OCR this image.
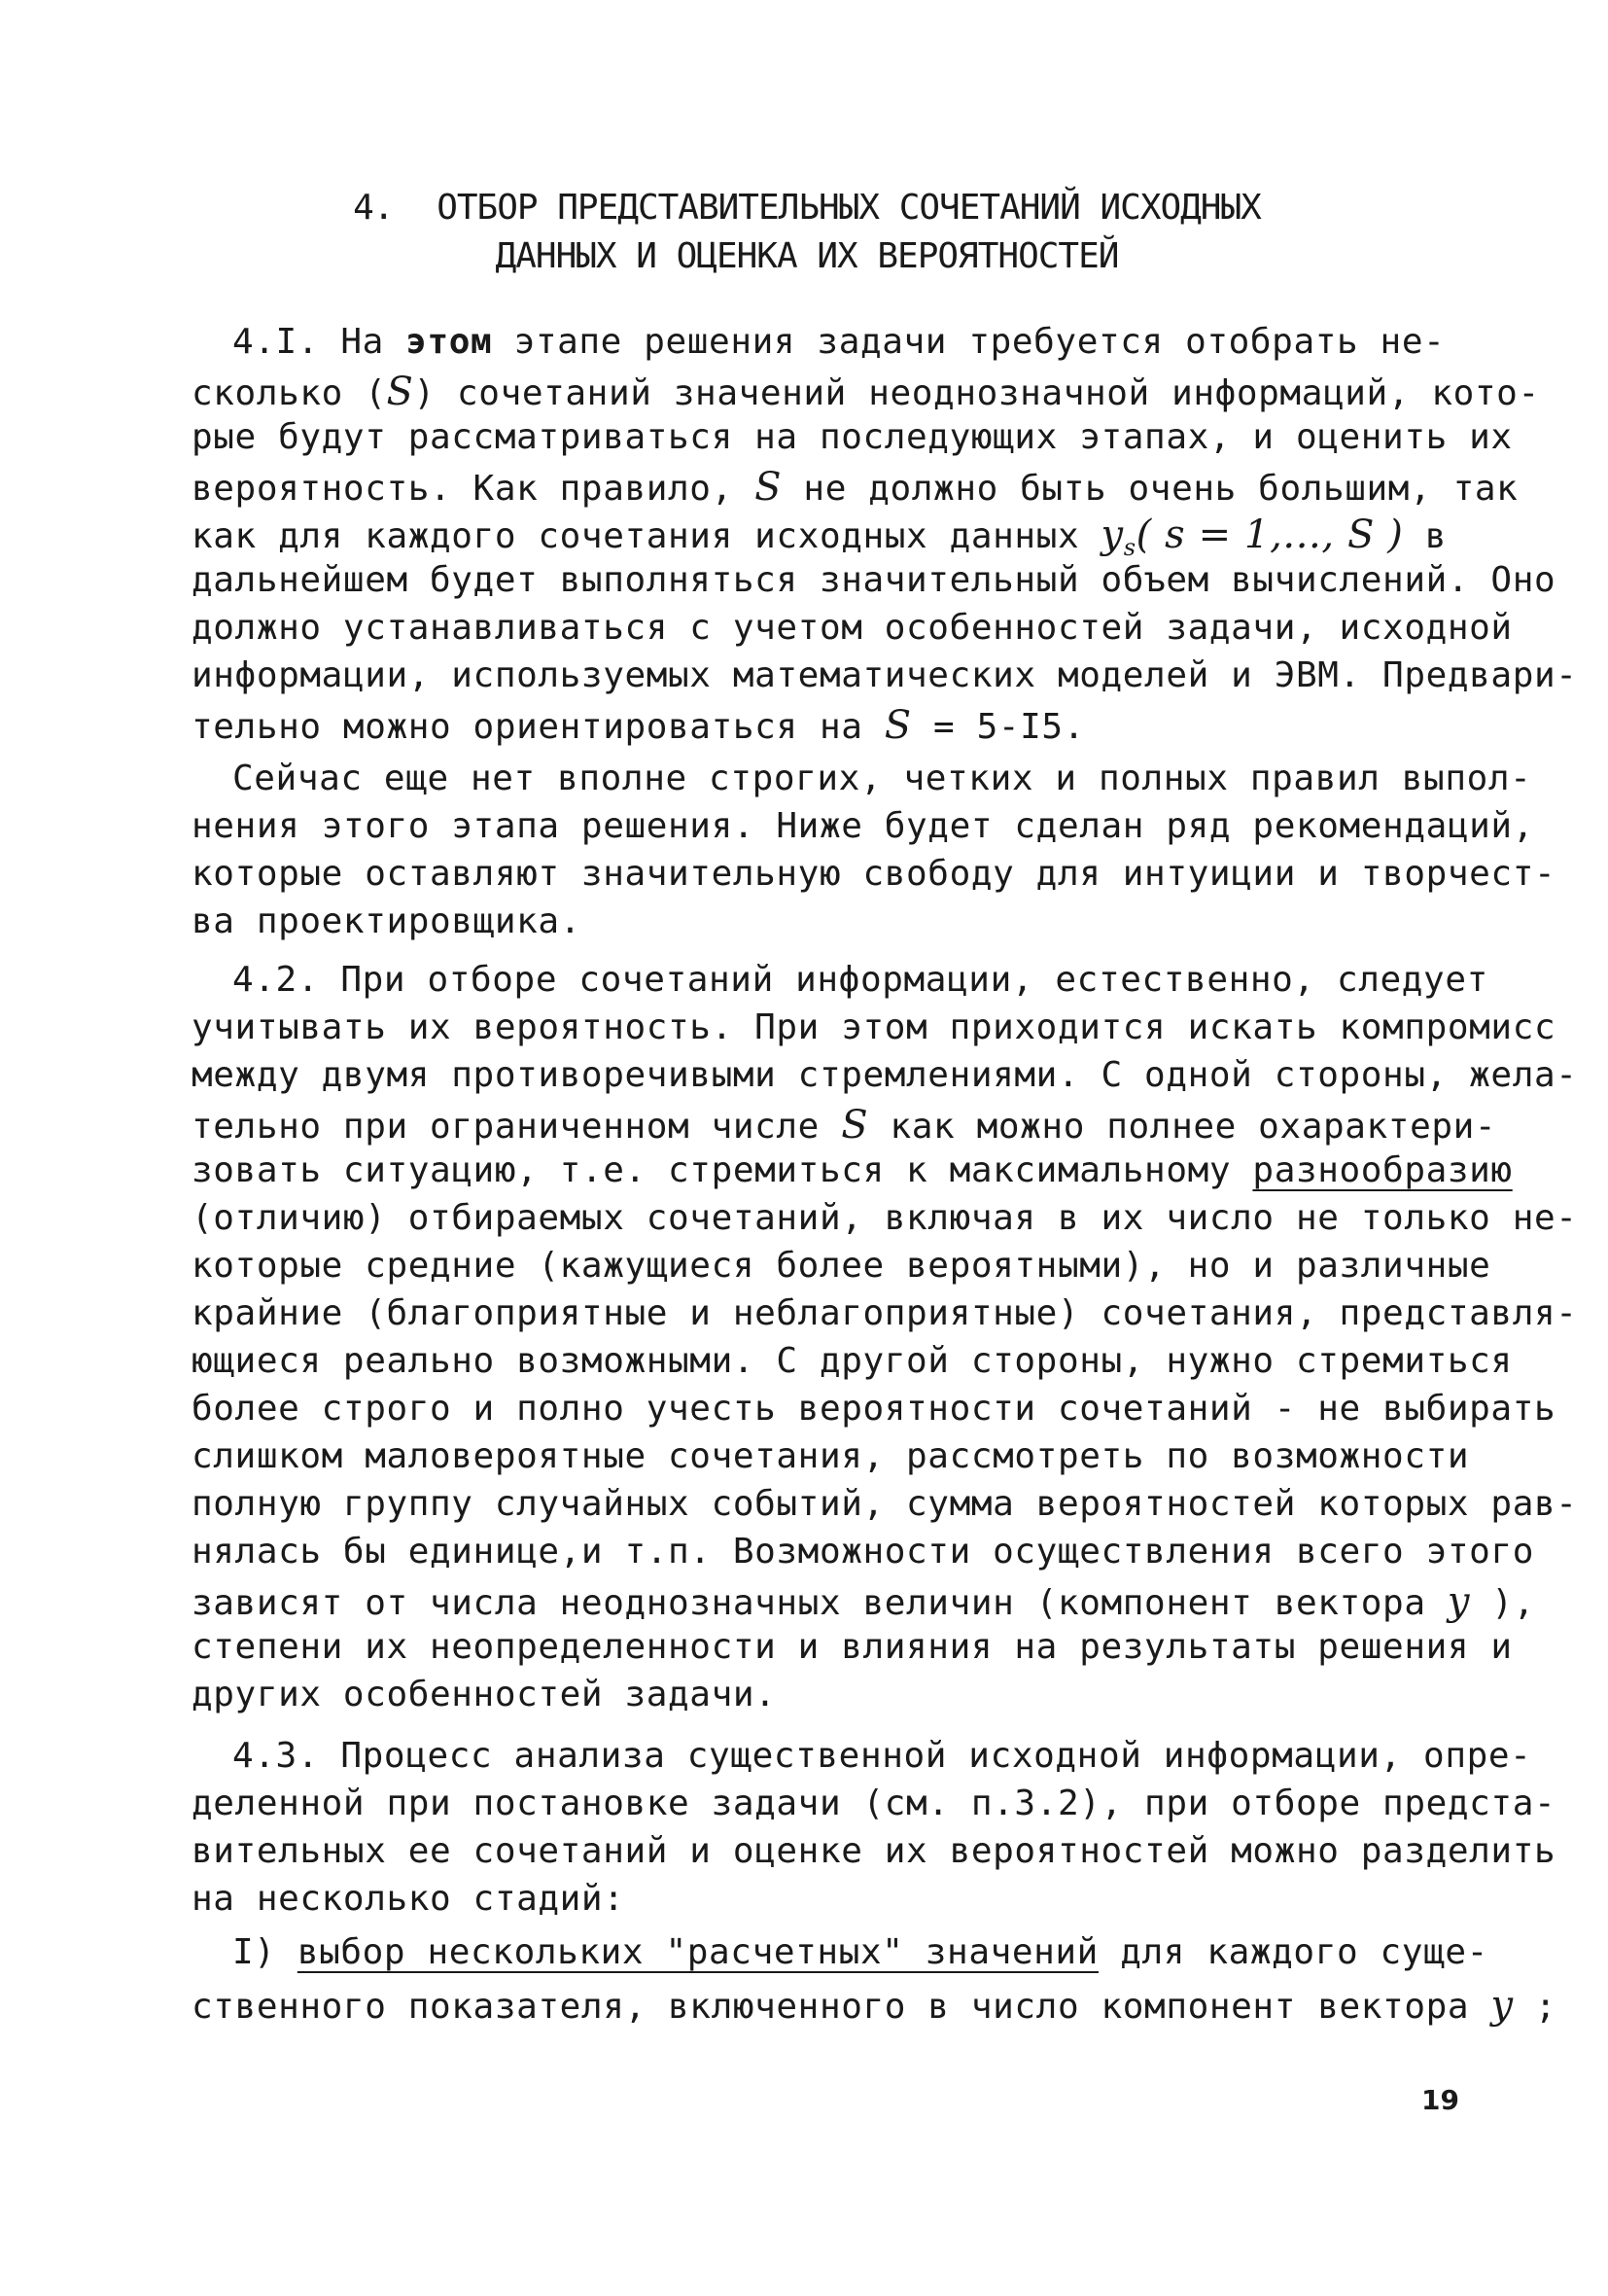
4. ОТБОР ПРЕДСТАВИТЕЛЬНЫХ СОЧЕТАНИЙ ИСХОДНЫХ
ДАННЫХ И ОЦЕНКА ИХ ВЕРОЯТНОСТЕЙ
4.I. На этом этапе решения задачи требуется отобрать не-
сколько (S) сочетаний значений неоднозначной информаций, кото-
рые будут рассматриваться на последующих этапах, и оценить их
вероятность. Как правило, S не должно быть очень большим, так
как для каждого сочетания исходных данных $y_s$( s = 1,..., S ) в
дальнейшем будет выполняться значительный объем вычислений. Оно
должно устанавливаться с учетом особенностей задачи, исходной
информации, используемых математических моделей и ЭВМ. Предвари-
тельно можно ориентироваться на S = 5-I5.
Сейчас еще нет вполне строгих, четких и полных правил выпол-
нения этого этапа решения. Ниже будет сделан ряд рекомендаций,
которые оставляют значительную свободу для интуиции и творчест-
ва проектировщика.
4.2. При отборе сочетаний информации, естественно, следует
учитывать их вероятность. При этом приходится искать компромисс
между двумя противоречивыми стремлениями. С одной стороны, жела-
тельно при ограниченном числе S как можно полнее охарактери-
зовать ситуацию, т.е. стремиться к максимальному разнообразию
(отличию) отбираемых сочетаний, включая в их число не только не-
которые средние (кажущиеся более вероятными), но и различные
крайние (благоприятные и неблагоприятные) сочетания, представля-
ющиеся реально возможными. С другой стороны, нужно стремиться
более строго и полно учесть вероятности сочетаний - не выбирать
слишком маловероятные сочетания, рассмотреть по возможности
полную группу случайных событий, сумма вероятностей которых рав-
нялась бы единице,и т.п. Возможности осуществления всего этого
зависят от числа неоднозначных величин (компонент вектора y ),
степени их неопределенности и влияния на результаты решения и
других особенностей задачи.
4.3. Процесс анализа существенной исходной информации, опре-
деленной при постановке задачи (см. п.3.2), при отборе предста-
вительных ее сочетаний и оценке их вероятностей можно разделить
на несколько стадий:
I) выбор нескольких "расчетных" значений для каждого суще-
ственного показателя, включенного в число компонент вектора y ;
19
